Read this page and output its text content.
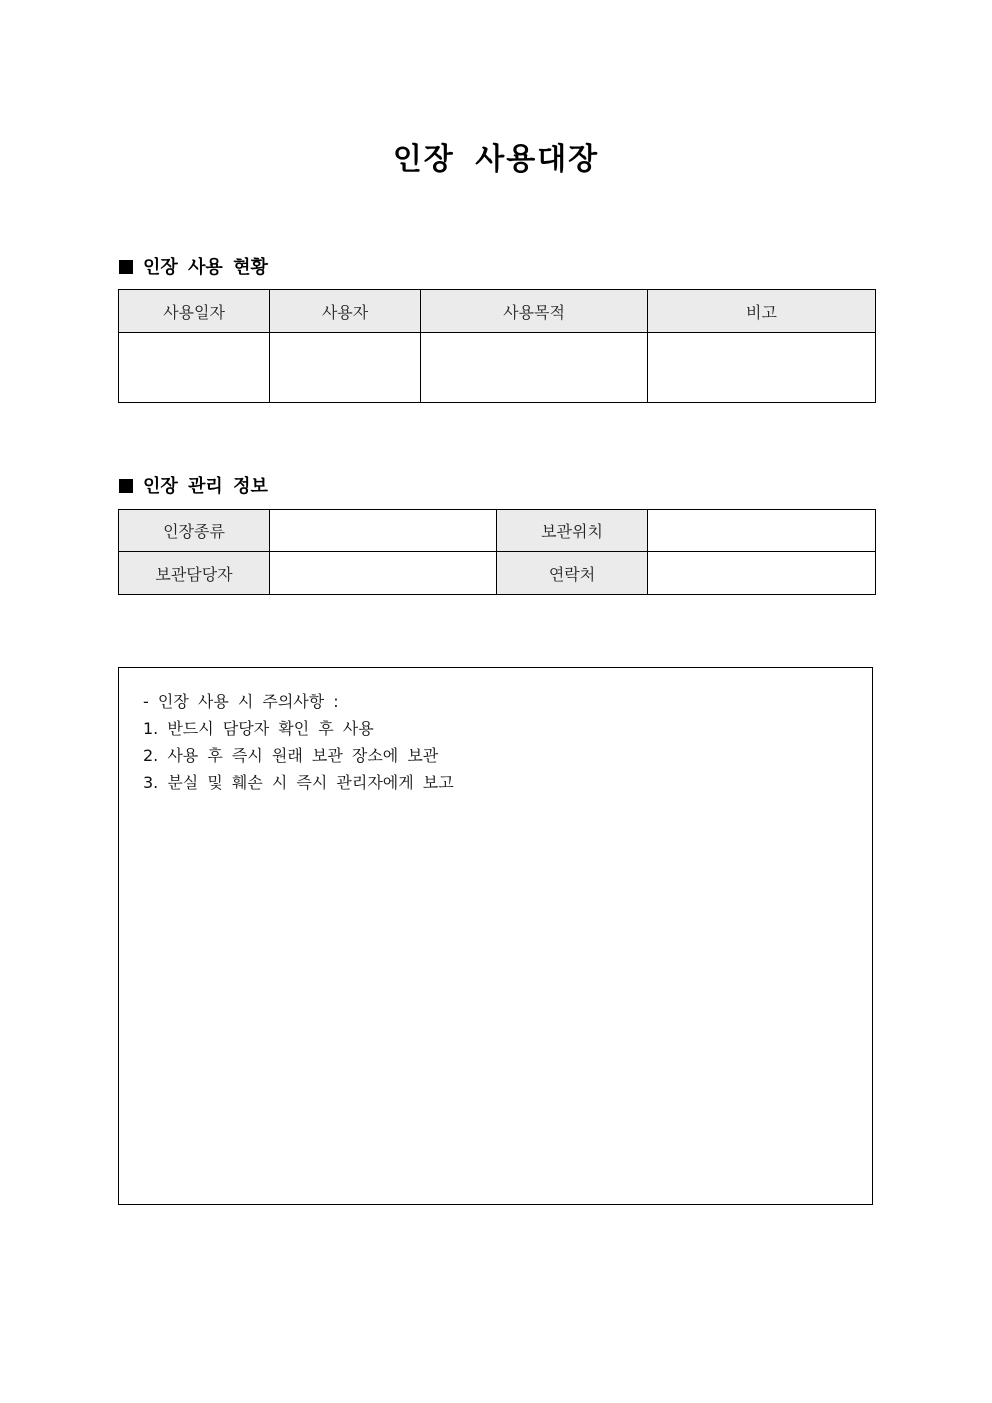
인장 사용대장
인장 사용 현황
사용일자	사용자	사용목적	비고

인장 관리 정보
인장종류		보관위치	
보관담당자		연락처	
- 인장 사용 시 주의사항 :
1. 반드시 담당자 확인 후 사용
2. 사용 후 즉시 원래 보관 장소에 보관
3. 분실 및 훼손 시 즉시 관리자에게 보고
